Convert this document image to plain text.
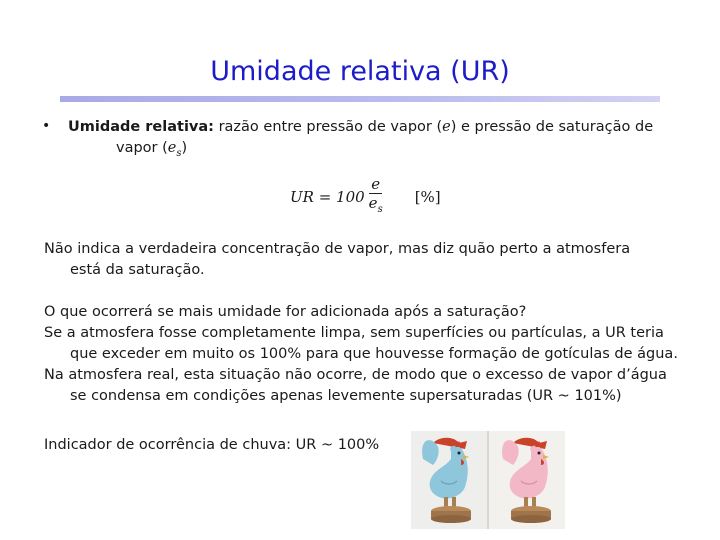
Umidade relativa (UR)
• Umidade relativa: razão entre pressão de vapor (e) e pressão de saturação de
vapor $(e_s)$
UR = $100 \frac{e}{e_s}$ [%]
Não indica a verdadeira concentração de vapor, mas diz quão perto a atmosfera
está da saturação.
O que ocorrerá se mais umidade for adicionada após a saturação?
Se a atmosfera fosse completamente limpa, sem superfícies ou partículas, a UR teria
que exceder em muito os 100% para que houvesse formação de gotículas de água.
Na atmosfera real, esta situação não ocorre, de modo que o excesso de vapor d’água
se condensa em condições apenas levemente supersaturadas (UR ~ 101%)
Indicador de ocorrência de chuva: UR ~ 100%
